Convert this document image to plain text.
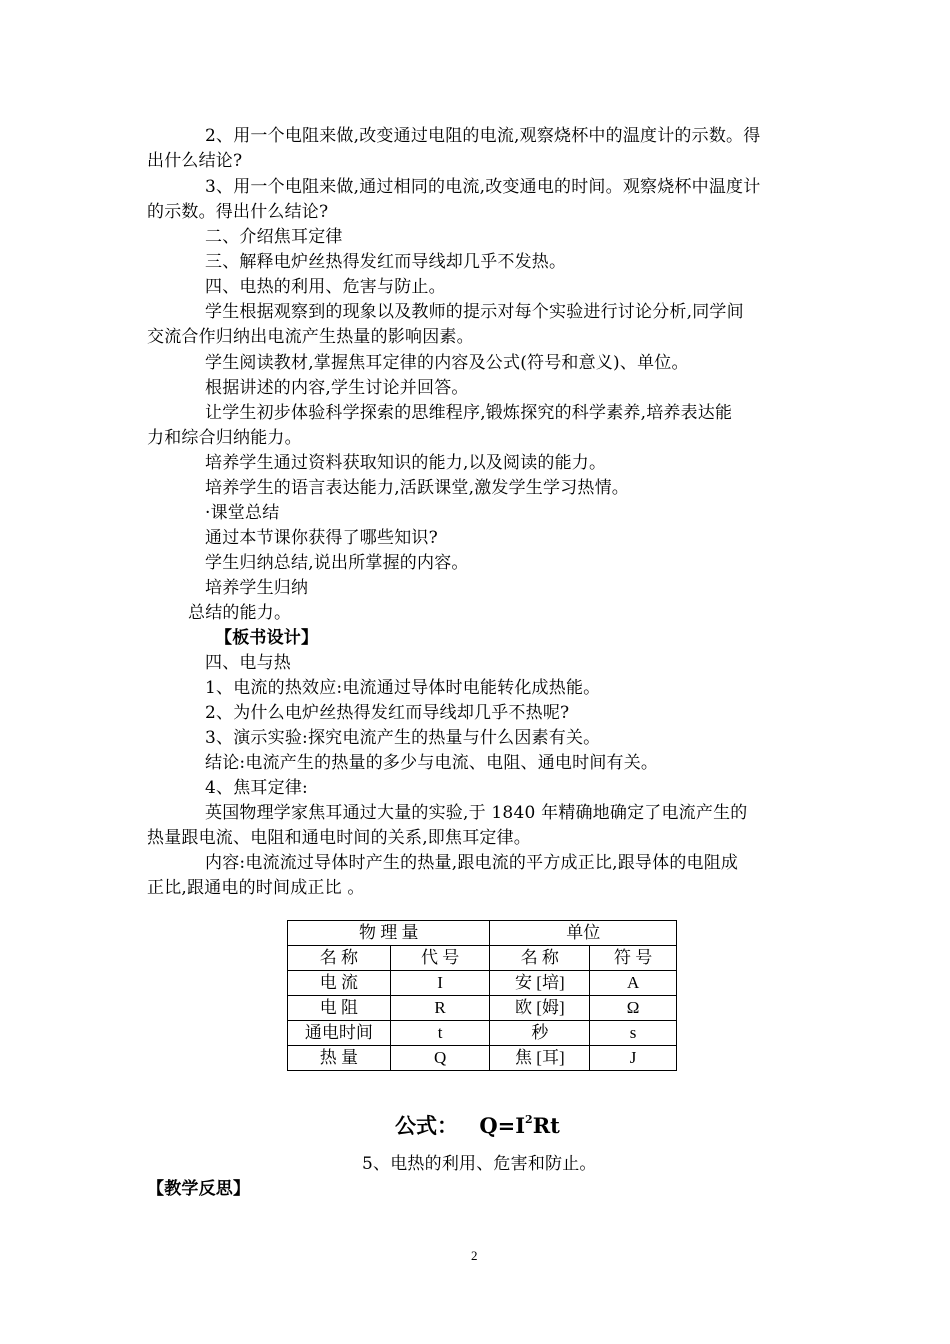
2、用一个电阻来做,改变通过电阻的电流,观察烧杯中的温度计的示数。得
出什么结论?
3、用一个电阻来做,通过相同的电流,改变通电的时间。观察烧杯中温度计
的示数。得出什么结论?
二、介绍焦耳定律
三、解释电炉丝热得发红而导线却几乎不发热。
四、电热的利用、危害与防止。
学生根据观察到的现象以及教师的提示对每个实验进行讨论分析,同学间
交流合作归纳出电流产生热量的影响因素。
学生阅读教材,掌握焦耳定律的内容及公式(符号和意义)、单位。
根据讲述的内容,学生讨论并回答。
让学生初步体验科学探索的思维程序,锻炼探究的科学素养,培养表达能
力和综合归纳能力。
培养学生通过资料获取知识的能力,以及阅读的能力。
培养学生的语言表达能力,活跃课堂,激发学生学习热情。
·课堂总结
通过本节课你获得了哪些知识?
学生归纳总结,说出所掌握的内容。
培养学生归纳
总结的能力。
【板书设计】
四、电与热
1、电流的热效应:电流通过导体时电能转化成热能。
2、为什么电炉丝热得发红而导线却几乎不热呢?
3、演示实验:探究电流产生的热量与什么因素有关。
结论:电流产生的热量的多少与电流、电阻、通电时间有关。
4、焦耳定律:
英国物理学家焦耳通过大量的实验,于 1840 年精确地确定了电流产生的
热量跟电流、电阻和通电时间的关系,即焦耳定律。
内容:电流流过导体时产生的热量,跟电流的平方成正比,跟导体的电阻成
正比,跟通电的时间成正比 。
物 理 量		单位	
名 称	代 号	名 称	符 号
电 流	I	安 [培]	A
电 阻	R	欧 [姆]	Ω
通电时间	t	秒	s
热 量	Q	焦 [耳]	J
公式： $Q=I^2Rt$
5、电热的利用、危害和防止。
【教学反思】
2
